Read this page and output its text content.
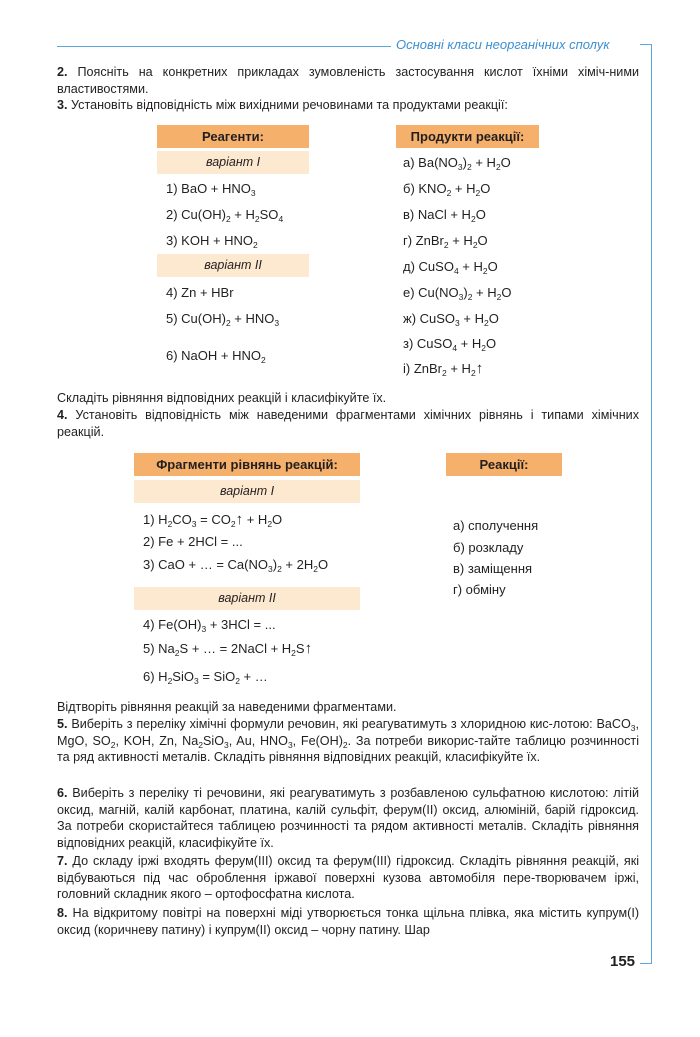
Основні класи неорганічних сполук

2. Поясніть на конкретних прикладах зумовленість застосування кислот їхніми хіміч-ними властивостями.

3. Установіть відповідність між вихідними речовинами та продуктами реакції:

Реагенти:
варіант І
варіант ІІ
1) BaO + $HNO_3$
2) $Cu(OH)_2 + H_2SO_4$
3) KOH + $HNO_2$
4) Zn + HBr
5) $Cu(OH)_2 + HNO_3$
6) NaOH + $HNO_2$
Продукти реакції:
а) $Ba(NO_3)_2 + H_2O$
б) $KNO_2 + H_2O$
в) NaCl + $H_2O$
г) ZnBr$_2$ + $H_2O$
д) CuSO$_4$ + $H_2O$
е) $Cu(NO_3)_2 + H_2O$
ж) CuSO$_3$ + $H_2O$
з) CuSO$_4$ + $H_2O$
і) ZnBr$_2$ + $H_2↑$

Складіть рівняння відповідних реакцій і класифікуйте їх.

4. Установіть відповідність між наведеними фрагментами хімічних рівнянь і типами хімічних реакцій.

Фрагменти рівнянь реакцій:
варіант І
1) $H_2CO_3$ = $CO_2↑ + H_2O$
2) Fe + 2HCl = ...
3) CaO + … = $Ca(NO_3)_2 + 2H_2O$
варіант ІІ
4) $Fe(OH)_3 + 3HCl$ = ...
5) $Na_2S$ + … = 2NaCl + $H_2S↑$
6) $H_2SiO_3 = SiO_2$ + …
Реакції:
а) сполучення
б) розкладу
в) заміщення
г) обміну

Відтворіть рівняння реакцій за наведеними фрагментами.

5. Виберіть з переліку хімічні формули речовин, які реагуватимуть з хлоридною кис-лотою: BaCO$_3$, MgO, $SO_2$, KOH, Zn, $Na_2SiO_3$, Au, $HNO_3$, $Fe(OH)_2$. За потреби викорис-тайте таблицю розчинності та ряд активності металів. Складіть рівняння відповідних реакцій, класифікуйте їх.

6. Виберіть з переліку ті речовини, які реагуватимуть з розбавленою сульфатною кислотою: літій оксид, магній, калій карбонат, платина, калій сульфіт, ферум(ІІ) оксид, алюміній, барій гідроксид. За потреби скористайтеся таблицею розчинності та рядом активності металів. Складіть рівняння відповідних реакцій, класифікуйте їх.

7. До складу іржі входять ферум(ІІІ) оксид та ферум(ІІІ) гідроксид. Складіть рівняння реакцій, які відбуваються під час оброблення іржавої поверхні кузова автомобіля пере-творювачем іржі, головний складник якого – ортофосфатна кислота.

8. На відкритому повітрі на поверхні міді утворюється тонка щільна плівка, яка містить купрум(І) оксид (коричневу патину) і купрум(ІІ) оксид – чорну патину. Шар

155
